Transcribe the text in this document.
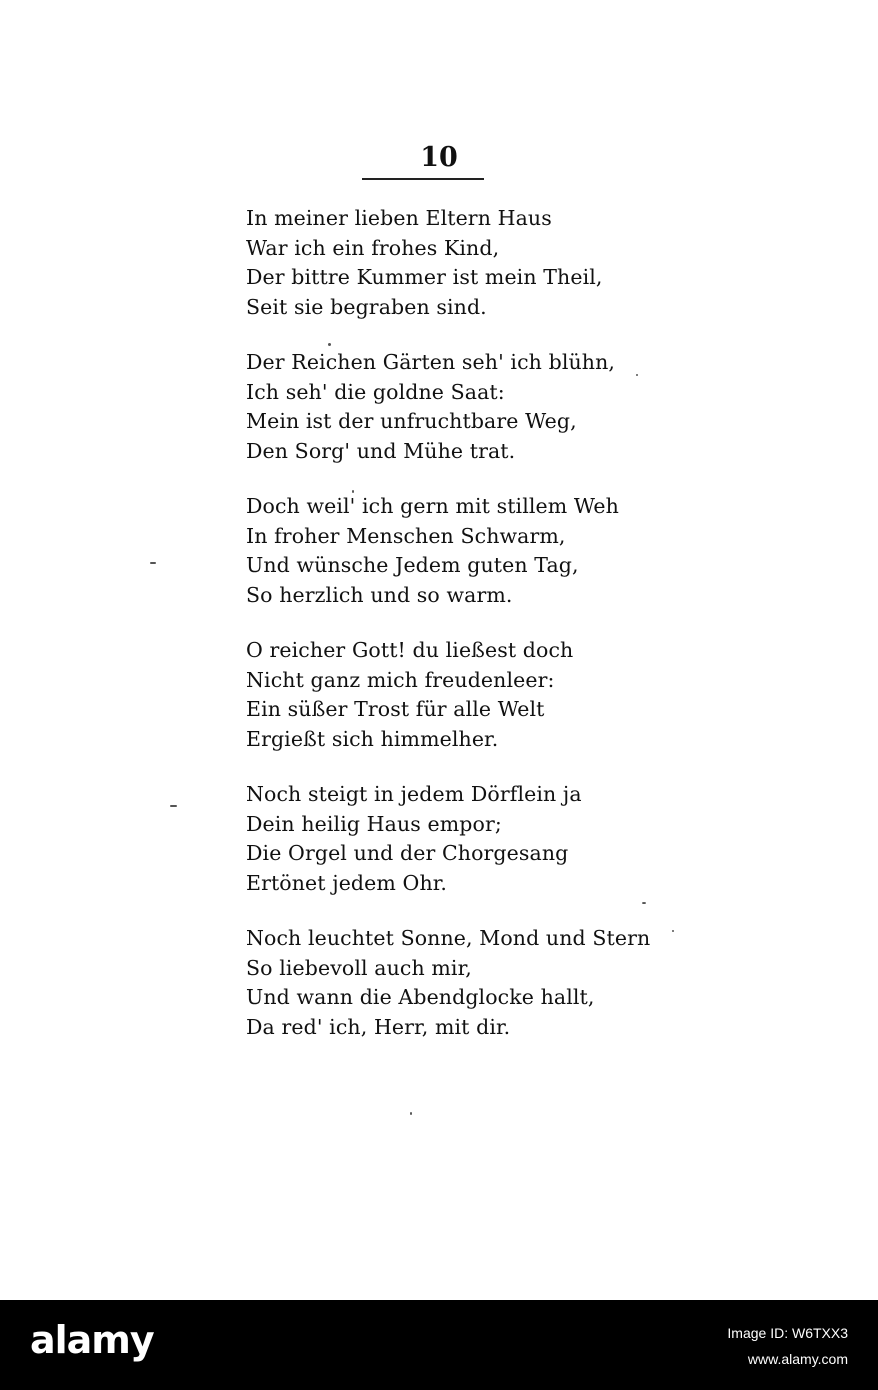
10
In meiner lieben Eltern Haus
War ich ein frohes Kind,
Der bittre Kummer ist mein Theil,
Seit sie begraben sind.
Der Reichen Gärten seh' ich blühn,
Ich seh' die goldne Saat:
Mein ist der unfruchtbare Weg,
Den Sorg' und Mühe trat.
Doch weil' ich gern mit stillem Weh
In froher Menschen Schwarm,
Und wünsche Jedem guten Tag,
So herzlich und so warm.
O reicher Gott! du ließest doch
Nicht ganz mich freudenleer:
Ein süßer Trost für alle Welt
Ergießt sich himmelher.
Noch steigt in jedem Dörflein ja
Dein heilig Haus empor;
Die Orgel und der Chorgesang
Ertönet jedem Ohr.
Noch leuchtet Sonne, Mond und Stern
So liebevoll auch mir,
Und wann die Abendglocke hallt,
Da red' ich, Herr, mit dir.
alamy	Image ID: W6TXX3
www.alamy.com
